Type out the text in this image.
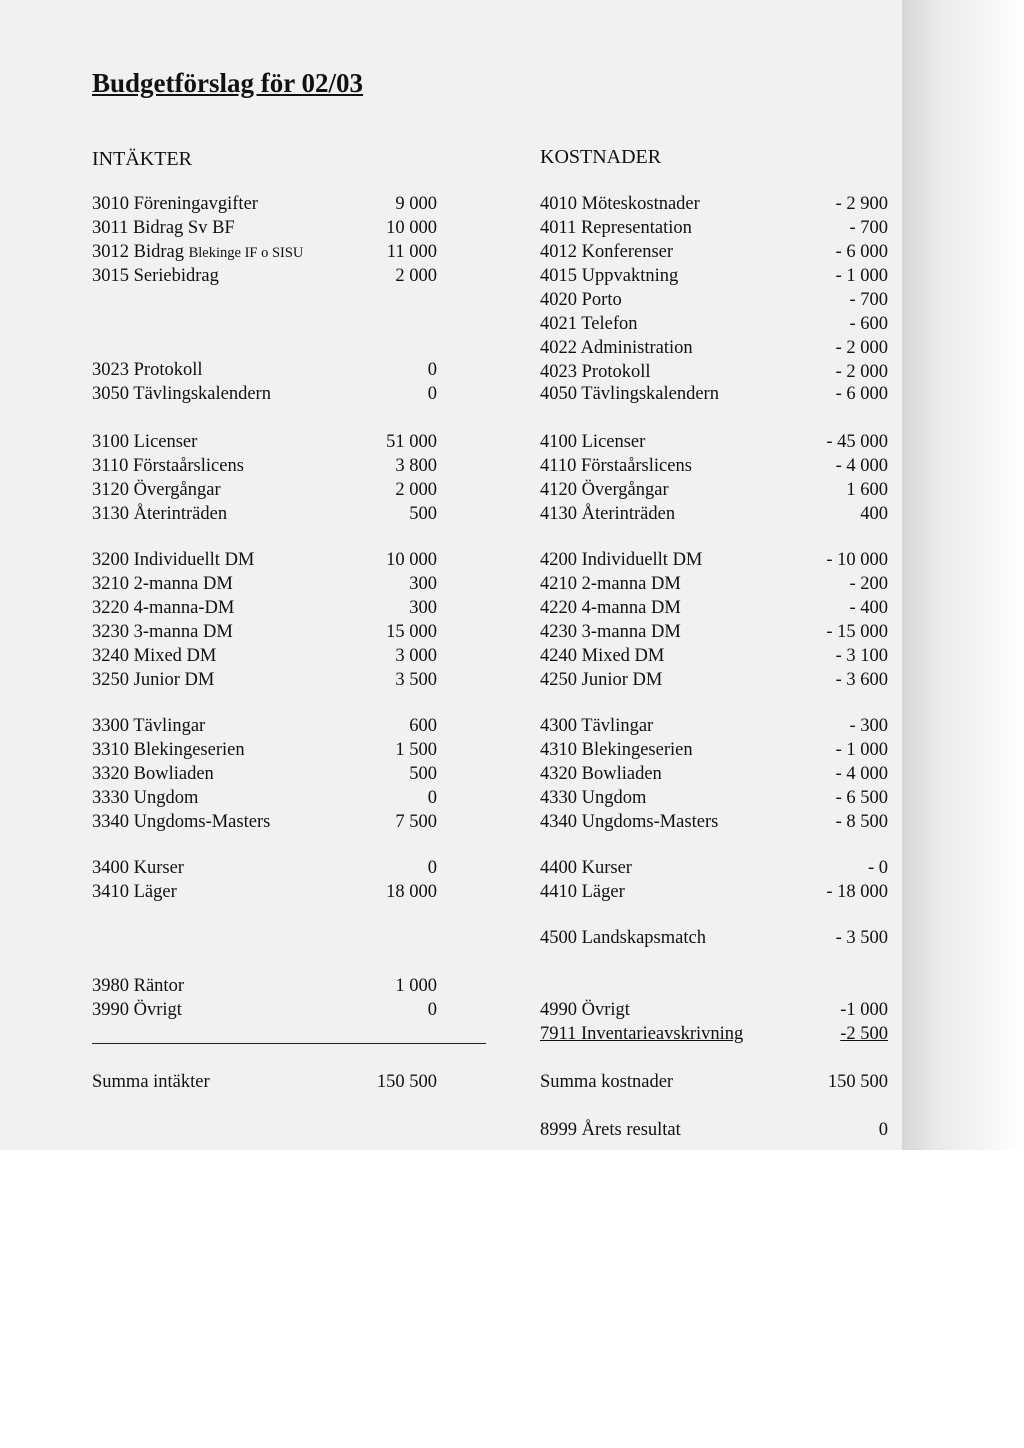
Budgetförslag för 02/03
INTÄKTER	KOSTNADER
3010 Föreningavgifter	9 000
3011 Bidrag Sv BF	10 000
3012 Bidrag Blekinge IF o SISU	11 000
3015 Seriebidrag	2 000
3023 Protokoll	0
3050 Tävlingskalendern	0
3100 Licenser	51 000
3110 Förstaårslicens	3 800
3120 Övergångar	2 000
3130 Återinträden	500
3200 Individuellt DM	10 000
3210 2-manna DM	300
3220 4-manna-DM	300
3230 3-manna DM	15 000
3240 Mixed DM	3 000
3250 Junior DM	3 500
3300 Tävlingar	600
3310 Blekingeserien	1 500
3320 Bowliaden	500
3330 Ungdom	0
3340 Ungdoms-Masters	7 500
3400 Kurser	0
3410 Läger	18 000
3980 Räntor	1 000
3990 Övrigt	0
Summa intäkter	150 500
4010 Möteskostnader	- 2 900
4011 Representation	- 700
4012 Konferenser	- 6 000
4015 Uppvaktning	- 1 000
4020 Porto	- 700
4021 Telefon	- 600
4022 Administration	- 2 000
4023 Protokoll	- 2 000
4050 Tävlingskalendern	- 6 000
4100 Licenser	- 45 000
4110 Förstaårslicens	- 4 000
4120 Övergångar	1 600
4130 Återinträden	400
4200 Individuellt DM	- 10 000
4210 2-manna DM	- 200
4220 4-manna DM	- 400
4230 3-manna DM	- 15 000
4240 Mixed DM	- 3 100
4250 Junior DM	- 3 600
4300 Tävlingar	- 300
4310 Blekingeserien	- 1 000
4320 Bowliaden	- 4 000
4330 Ungdom	- 6 500
4340 Ungdoms-Masters	- 8 500
4400 Kurser	- 0
4410 Läger	- 18 000
4500 Landskapsmatch	- 3 500
4990 Övrigt	-1 000
7911 Inventarieavskrivning	-2 500
Summa kostnader	150 500
8999 Årets resultat	0
